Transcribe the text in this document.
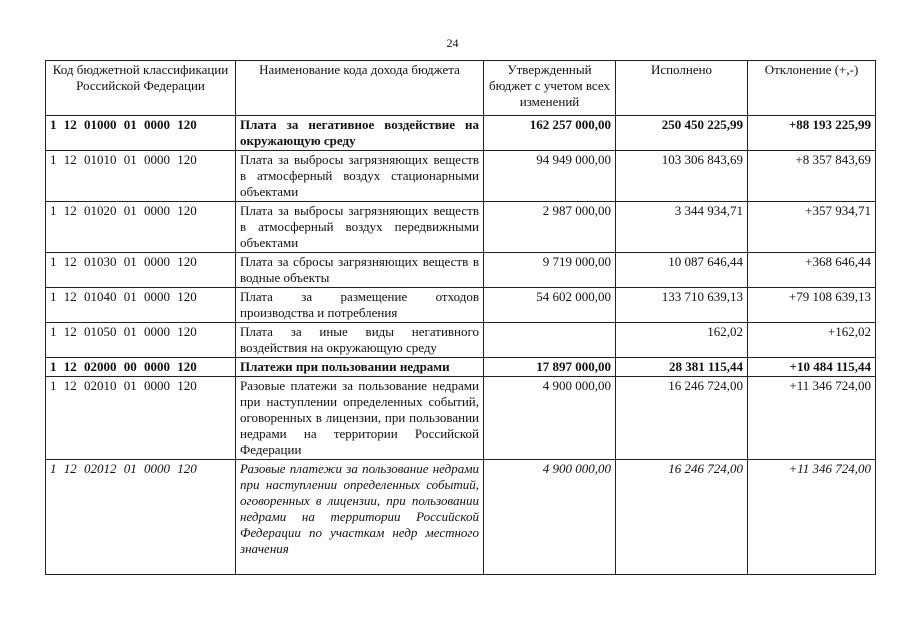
24
Код бюджетной классификации Российской Федерации	Наименование кода дохода бюджета	Утвержденный бюджет с учетом всех изменений	Исполнено	Отклонение (+,-)
1 12 01000 01 0000 120	Плата за негативное воздействие на окружающую среду	162 257 000,00	250 450 225,99	+88 193 225,99
1 12 01010 01 0000 120	Плата за выбросы загрязняющих веществ в атмосферный воздух стационарными объектами	94 949 000,00	103 306 843,69	+8 357 843,69
1 12 01020 01 0000 120	Плата за выбросы загрязняющих веществ в атмосферный воздух передвижными объектами	2 987 000,00	3 344 934,71	+357 934,71
1 12 01030 01 0000 120	Плата за сбросы загрязняющих веществ в водные объекты	9 719 000,00	10 087 646,44	+368 646,44
1 12 01040 01 0000 120	Плата за размещение отходов производства и потребления	54 602 000,00	133 710 639,13	+79 108 639,13
1 12 01050 01 0000 120	Плата за иные виды негативного воздействия на окружающую среду		162,02	+162,02
1 12 02000 00 0000 120	Платежи при пользовании недрами	17 897 000,00	28 381 115,44	+10 484 115,44
1 12 02010 01 0000 120	Разовые платежи за пользование недрами при наступлении определенных событий, оговоренных в лицензии, при пользовании недрами на территории Российской Федерации	4 900 000,00	16 246 724,00	+11 346 724,00
1 12 02012 01 0000 120	Разовые платежи за пользование недрами при наступлении определенных событий, оговоренных в лицензии, при пользовании недрами на территории Российской Федерации по участкам недр местного значения	4 900 000,00	16 246 724,00	+11 346 724,00
